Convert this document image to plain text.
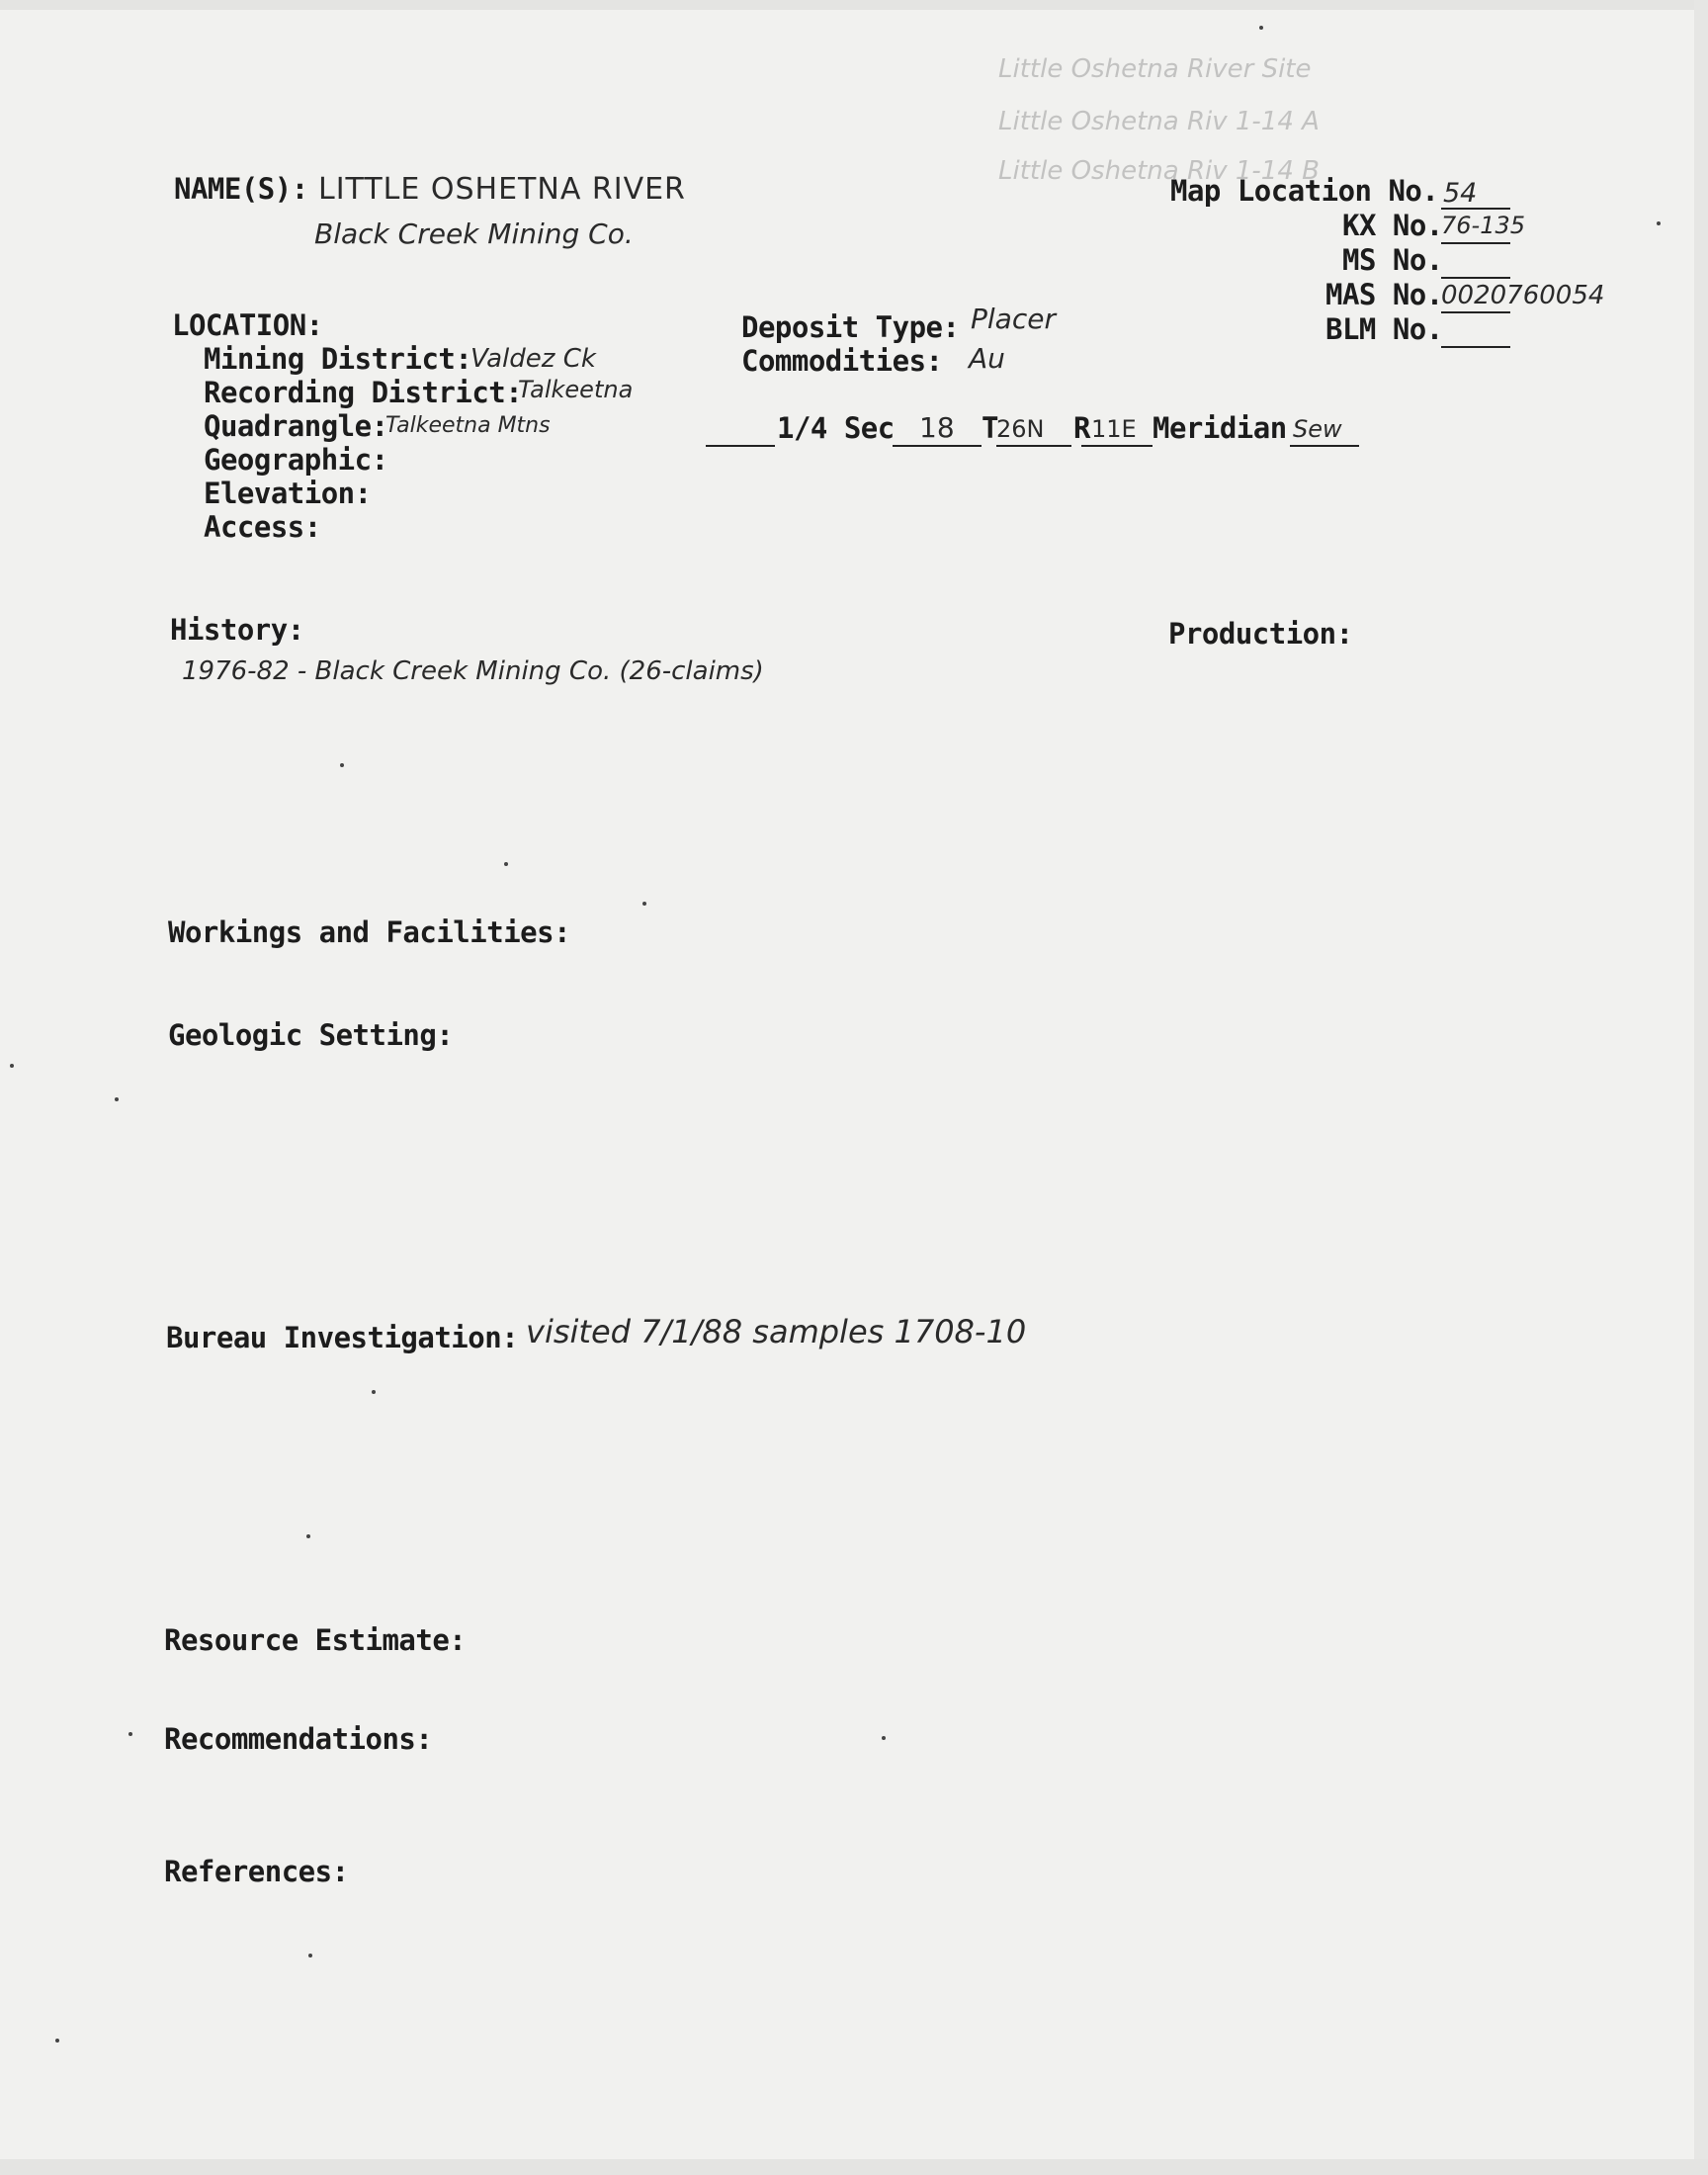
Little Oshetna River Site
Little Oshetna Riv 1-14 A
Little Oshetna Riv 1-14 B
NAME(S): LITTLE OSHETNA RIVER
Black Creek Mining Co.
Map Location No. 54
KX No.
76-135
MS No.
MAS No.
0020760054
BLM No.
LOCATION:
Mining District:
Valdez Ck
Recording District:
Talkeetna
Quadrangle:
Talkeetna Mtns
Geographic:
Elevation:
Access:
Deposit Type: Placer
Commodities: Au
1/4 Sec 18 T
26N R 11E Meridian Sew
History:
1976-82 - Black Creek Mining Co. (26-claims)
Production:
Workings and Facilities:
Geologic Setting:
Bureau Investigation: visited 7/1/88 samples 1708-10
Resource Estimate:
Recommendations:
References:
